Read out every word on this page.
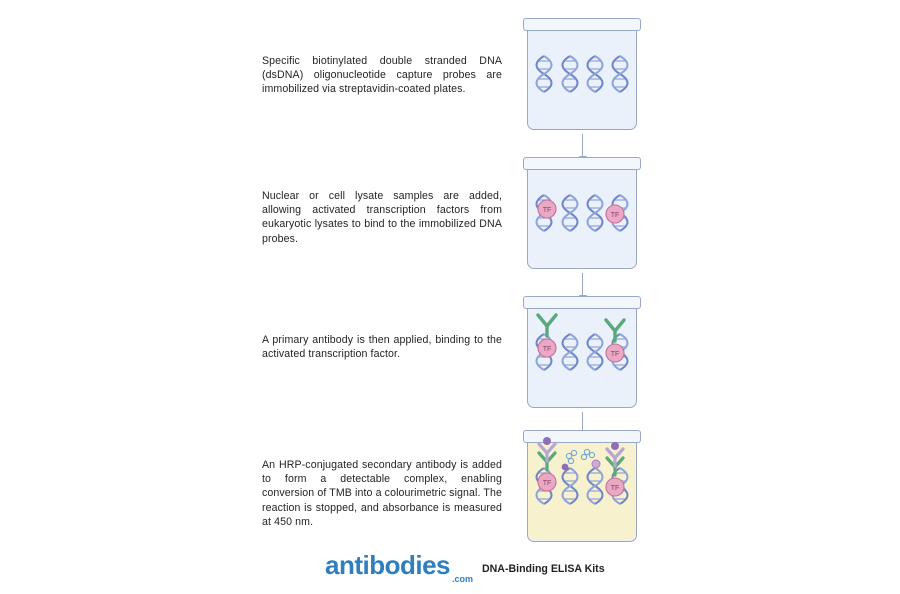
Specific biotinylated double stranded DNA (dsDNA) oligonucleotide capture probes are immobilized via streptavidin-coated plates.
Nuclear or cell lysate samples are added, allowing activated transcription factors from eukaryotic lysates to bind to the immobilized DNA probes.
TF
TF
A primary antibody is then applied, binding to the activated transcription factor.	TF
TF
An HRP-conjugated secondary antibody is added to form a detectable complex, enabling conversion of TMB into a colourimetric signal. The reaction is stopped, and absorbance is measured at 450 nm.
TF
TF
antibodies .com
DNA-Binding ELISA Kits
